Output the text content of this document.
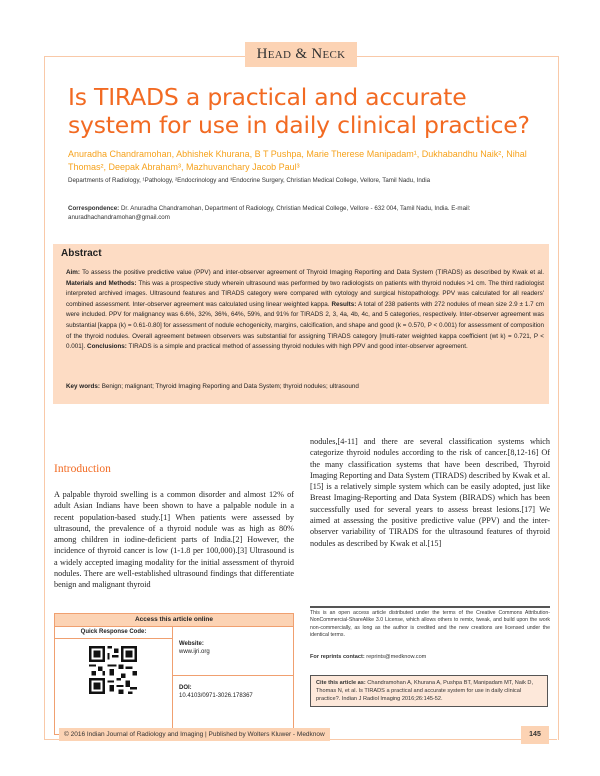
Head & Neck
Is TIRADS a practical and accurate system for use in daily clinical practice?
Anuradha Chandramohan, Abhishek Khurana, B T Pushpa, Marie Therese Manipadam¹, Dukhabandhu Naik², Nihal Thomas², Deepak Abraham³, Mazhuvanchary Jacob Paul³
Departments of Radiology, ¹Pathology, ²Endocrinology and ³Endocrine Surgery, Christian Medical College, Vellore, Tamil Nadu, India
Correspondence: Dr. Anuradha Chandramohan, Department of Radiology, Christian Medical College, Vellore - 632 004, Tamil Nadu, India. E-mail: anuradhachandramohan@gmail.com
Abstract
Aim: To assess the positive predictive value (PPV) and inter-observer agreement of Thyroid Imaging Reporting and Data System (TIRADS) as described by Kwak et al. Materials and Methods: This was a prospective study wherein ultrasound was performed by two radiologists on patients with thyroid nodules >1 cm. The third radiologist interpreted archived images. Ultrasound features and TIRADS category were compared with cytology and surgical histopathology. PPV was calculated for all readers' combined assessment. Inter-observer agreement was calculated using linear weighted kappa. Results: A total of 238 patients with 272 nodules of mean size 2.9 ± 1.7 cm were included. PPV for malignancy was 6.6%, 32%, 36%, 64%, 59%, and 91% for TIRADS 2, 3, 4a, 4b, 4c, and 5 categories, respectively. Inter-observer agreement was substantial [kappa (k) = 0.61-0.80] for assessment of nodule echogenicity, margins, calcification, and shape and good (k = 0.570, P < 0.001) for assessment of composition of the thyroid nodules. Overall agreement between observers was substantial for assigning TIRADS category [multi-rater weighted kappa coefficient (wt k) = 0.721, P < 0.001]. Conclusions: TIRADS is a simple and practical method of assessing thyroid nodules with high PPV and good inter-observer agreement.
Key words: Benign; malignant; Thyroid Imaging Reporting and Data System; thyroid nodules; ultrasound
Introduction
A palpable thyroid swelling is a common disorder and almost 12% of adult Asian Indians have been shown to have a palpable nodule in a recent population-based study.[1] When patients were assessed by ultrasound, the prevalence of a thyroid nodule was as high as 80% among children in iodine-deficient parts of India.[2] However, the incidence of thyroid cancer is low (1-1.8 per 100,000).[3] Ultrasound is a widely accepted imaging modality for the initial assessment of thyroid nodules. There are well-established ultrasound findings that differentiate benign and malignant thyroid
nodules,[4-11] and there are several classification systems which categorize thyroid nodules according to the risk of cancer.[8,12-16] Of the many classification systems that have been described, Thyroid Imaging Reporting and Data System (TIRADS) described by Kwak et al.[15] is a relatively simple system which can be easily adopted, just like Breast Imaging-Reporting and Data System (BIRADS) which has been successfully used for several years to assess breast lesions.[17] We aimed at assessing the positive predictive value (PPV) and the inter-observer variability of TIRADS for the ultrasound features of thyroid nodules as described by Kwak et al.[15]
Access this article online
Quick Response Code:
Website:
www.ijri.org
DOI:
10.4103/0971-3026.178367
This is an open access article distributed under the terms of the Creative Commons Attribution-NonCommercial-ShareAlike 3.0 License, which allows others to remix, tweak, and build upon the work non-commercially, as long as the author is credited and the new creations are licensed under the identical terms.
For reprints contact: reprints@medknow.com
Cite this article as: Chandramohan A, Khurana A, Pushpa BT, Manipadam MT, Naik D, Thomas N, et al. Is TIRADS a practical and accurate system for use in daily clinical practice?. Indian J Radiol Imaging 2016;26:145-52.
© 2016 Indian Journal of Radiology and Imaging | Published by Wolters Kluwer - Medknow	145
